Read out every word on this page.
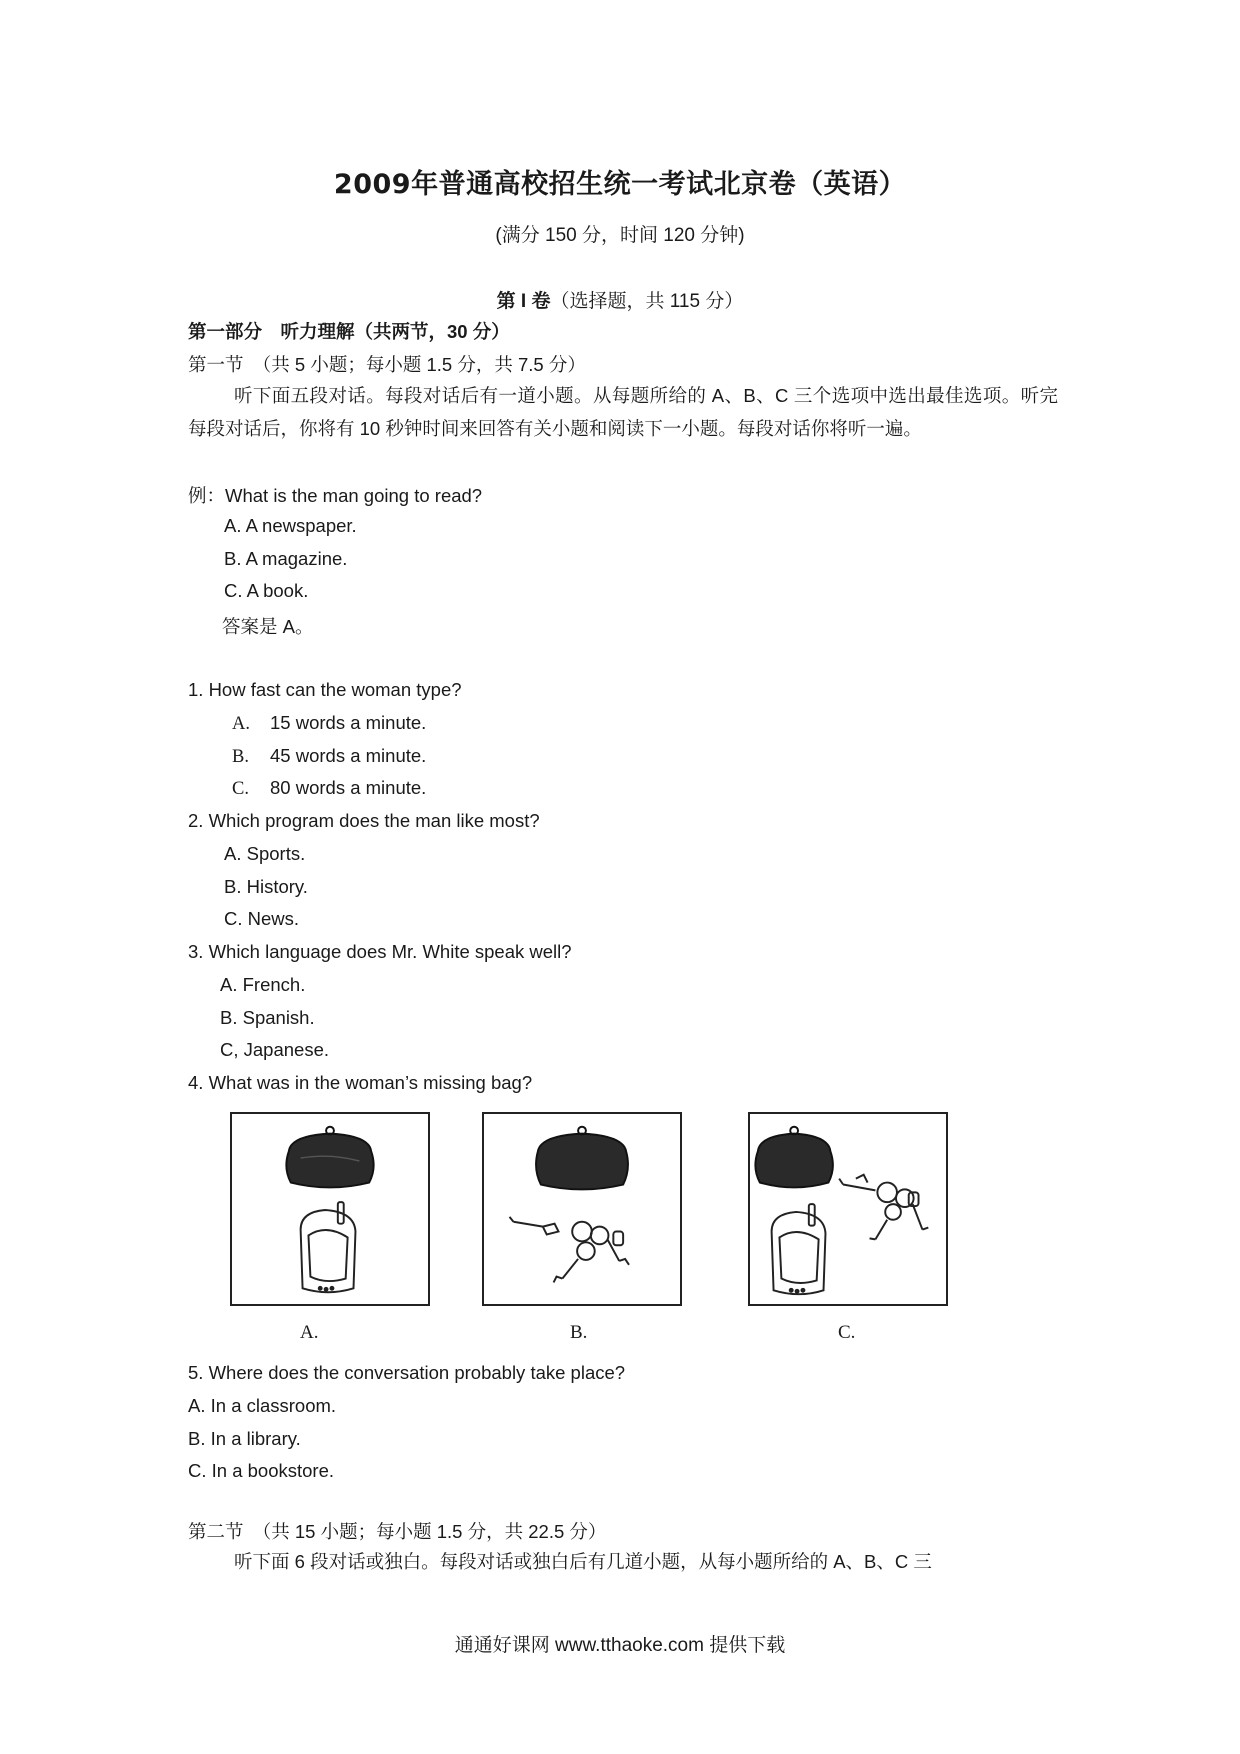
2009年普通高校招生统一考试北京卷（英语）
(满分 150 分，时间 120 分钟)
第 I 卷（选择题，共 115 分）
第一部分　听力理解（共两节，30 分）
第一节　（共 5 小题；每小题 1.5 分，共 7.5 分）
听下面五段对话。每段对话后有一道小题。从每题所给的 A、B、C 三个选项中选出最佳选项。听完每段对话后，你将有 10 秒钟时间来回答有关小题和阅读下一小题。每段对话你将听一遍。
例：What is the man going to read?
A. A newspaper.
B. A magazine.
C. A book.
答案是 A。
1. How fast can the woman type?
A. 15 words a minute.
B. 45 words a minute.
C. 80 words a minute.
2. Which program does the man like most?
A. Sports.
B. History.
C. News.
3. Which language does Mr. White speak well?
A. French.
B. Spanish.
C, Japanese.
4. What was in the woman’s missing bag?
A.	B.	C.
5. Where does the conversation probably take place?
A. In a classroom.
B. In a library.
C. In a bookstore.
第二节　（共 15 小题；每小题 1.5 分，共 22.5 分）
听下面 6 段对话或独白。每段对话或独白后有几道小题，从每小题所给的 A、B、C 三
通通好课网 www.tthaoke.com 提供下载
